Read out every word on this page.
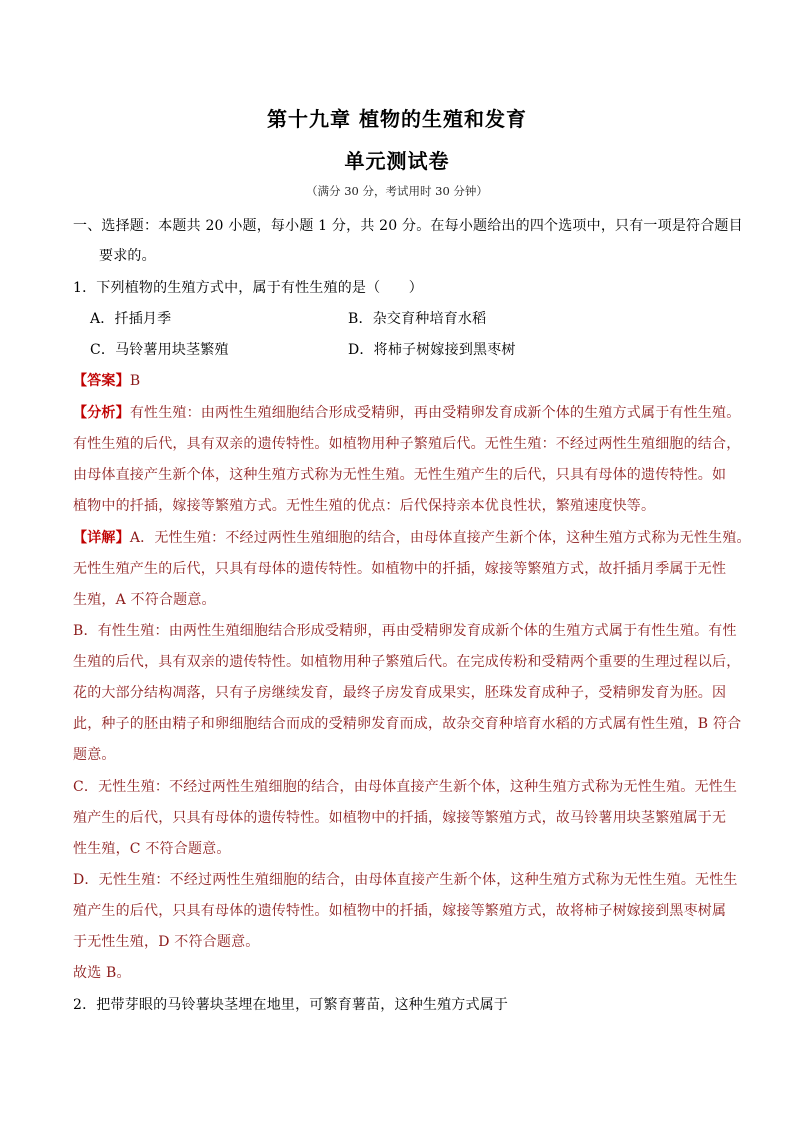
第十九章 植物的生殖和发育
单元测试卷
（满分 30 分，考试用时 30 分钟）
一、选择题：本题共 20 小题，每小题 1 分，共 20 分。在每小题给出的四个选项中，只有一项是符合题目
要求的。
1．下列植物的生殖方式中，属于有性生殖的是（　　）
A．扦插月季	B．杂交育种培育水稻
C．马铃薯用块茎繁殖	D．将柿子树嫁接到黑枣树
【答案】B
【分析】有性生殖：由两性生殖细胞结合形成受精卵，再由受精卵发育成新个体的生殖方式属于有性生殖。
有性生殖的后代，具有双亲的遗传特性。如植物用种子繁殖后代。无性生殖：不经过两性生殖细胞的结合，
由母体直接产生新个体，这种生殖方式称为无性生殖。无性生殖产生的后代，只具有母体的遗传特性。如
植物中的扦插，嫁接等繁殖方式。无性生殖的优点：后代保持亲本优良性状，繁殖速度快等。
【详解】A．无性生殖：不经过两性生殖细胞的结合，由母体直接产生新个体，这种生殖方式称为无性生殖。
无性生殖产生的后代，只具有母体的遗传特性。如植物中的扦插，嫁接等繁殖方式，故扦插月季属于无性
生殖，A 不符合题意。
B．有性生殖：由两性生殖细胞结合形成受精卵，再由受精卵发育成新个体的生殖方式属于有性生殖。有性
生殖的后代，具有双亲的遗传特性。如植物用种子繁殖后代。在完成传粉和受精两个重要的生理过程以后，
花的大部分结构凋落，只有子房继续发育，最终子房发育成果实，胚珠发育成种子，受精卵发育为胚。因
此，种子的胚由精子和卵细胞结合而成的受精卵发育而成，故杂交育种培育水稻的方式属有性生殖，B 符合
题意。
C．无性生殖：不经过两性生殖细胞的结合，由母体直接产生新个体，这种生殖方式称为无性生殖。无性生
殖产生的后代，只具有母体的遗传特性。如植物中的扦插，嫁接等繁殖方式，故马铃薯用块茎繁殖属于无
性生殖，C 不符合题意。
D．无性生殖：不经过两性生殖细胞的结合，由母体直接产生新个体，这种生殖方式称为无性生殖。无性生
殖产生的后代，只具有母体的遗传特性。如植物中的扦插，嫁接等繁殖方式，故将柿子树嫁接到黑枣树属
于无性生殖，D 不符合题意。
故选 B。
2．把带芽眼的马铃薯块茎埋在地里，可繁育薯苗，这种生殖方式属于
